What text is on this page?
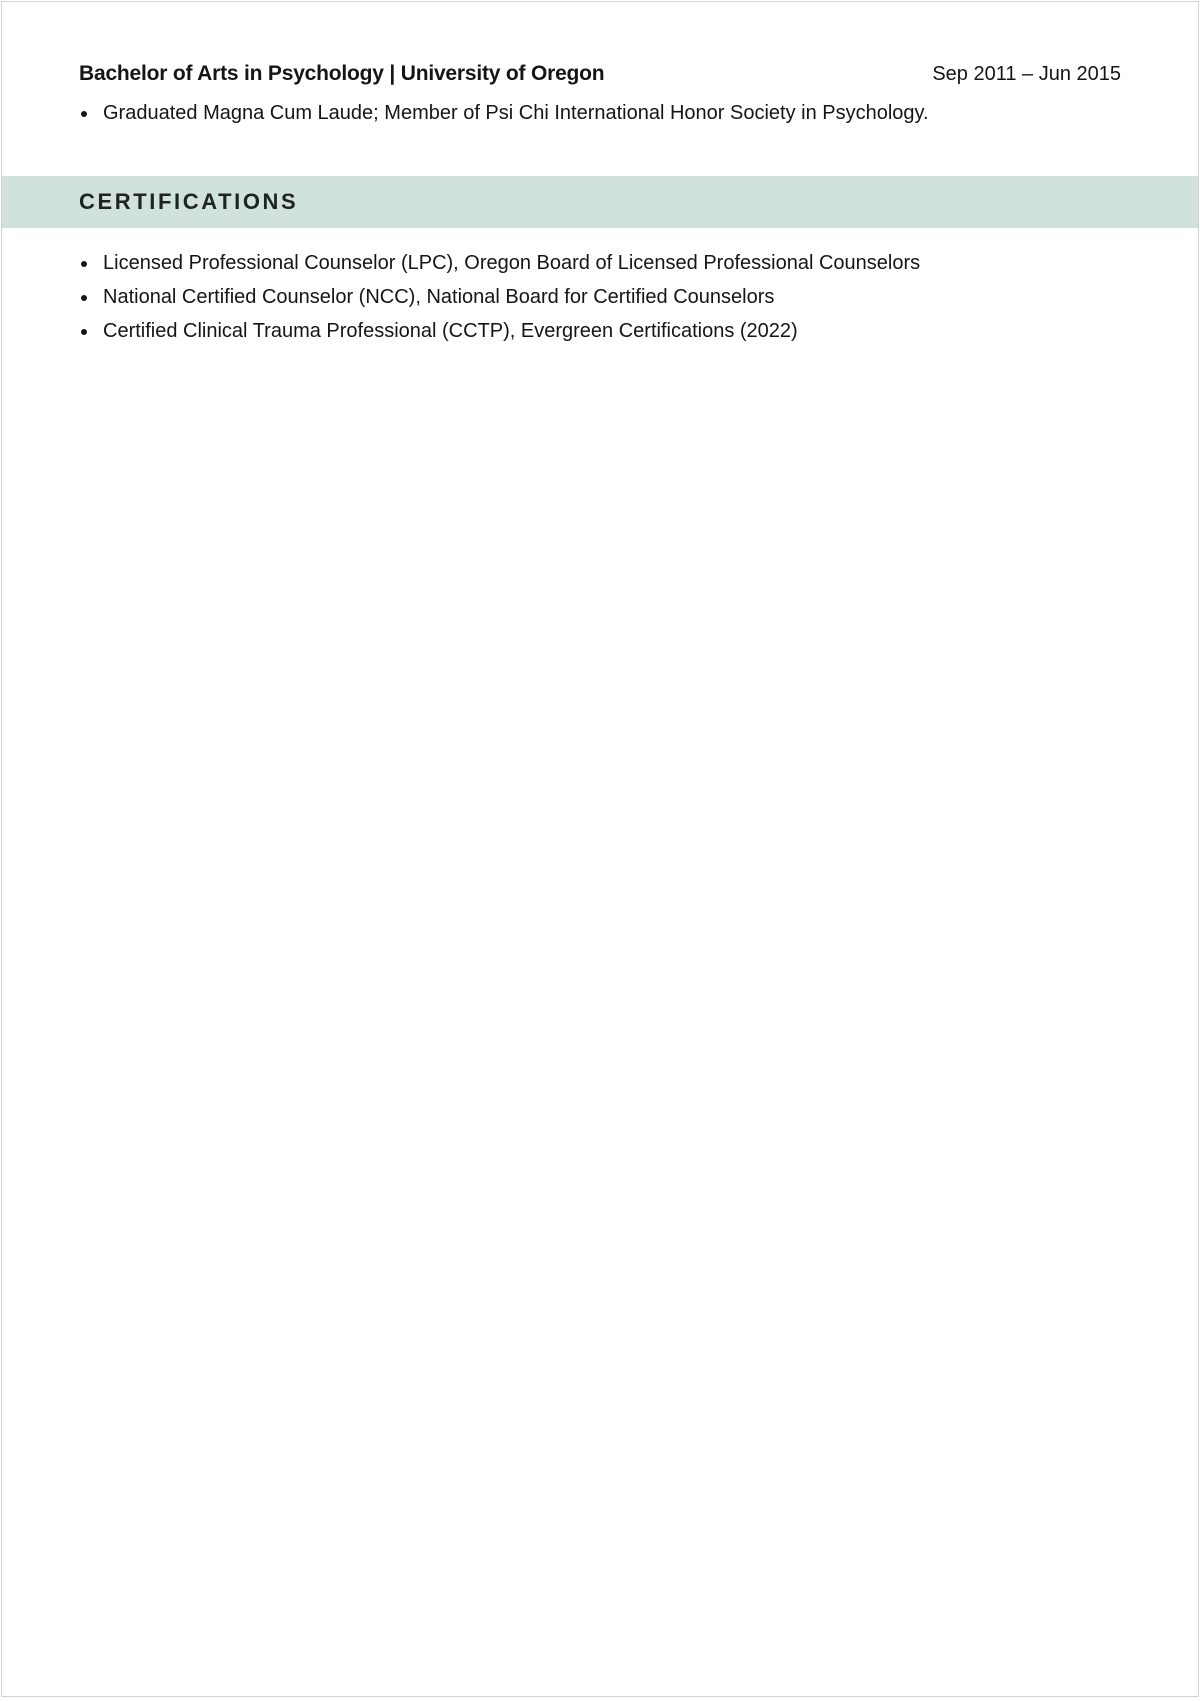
Bachelor of Arts in Psychology | University of Oregon	Sep 2011 – Jun 2015
Graduated Magna Cum Laude; Member of Psi Chi International Honor Society in Psychology.
CERTIFICATIONS
Licensed Professional Counselor (LPC), Oregon Board of Licensed Professional Counselors
National Certified Counselor (NCC), National Board for Certified Counselors
Certified Clinical Trauma Professional (CCTP), Evergreen Certifications (2022)
